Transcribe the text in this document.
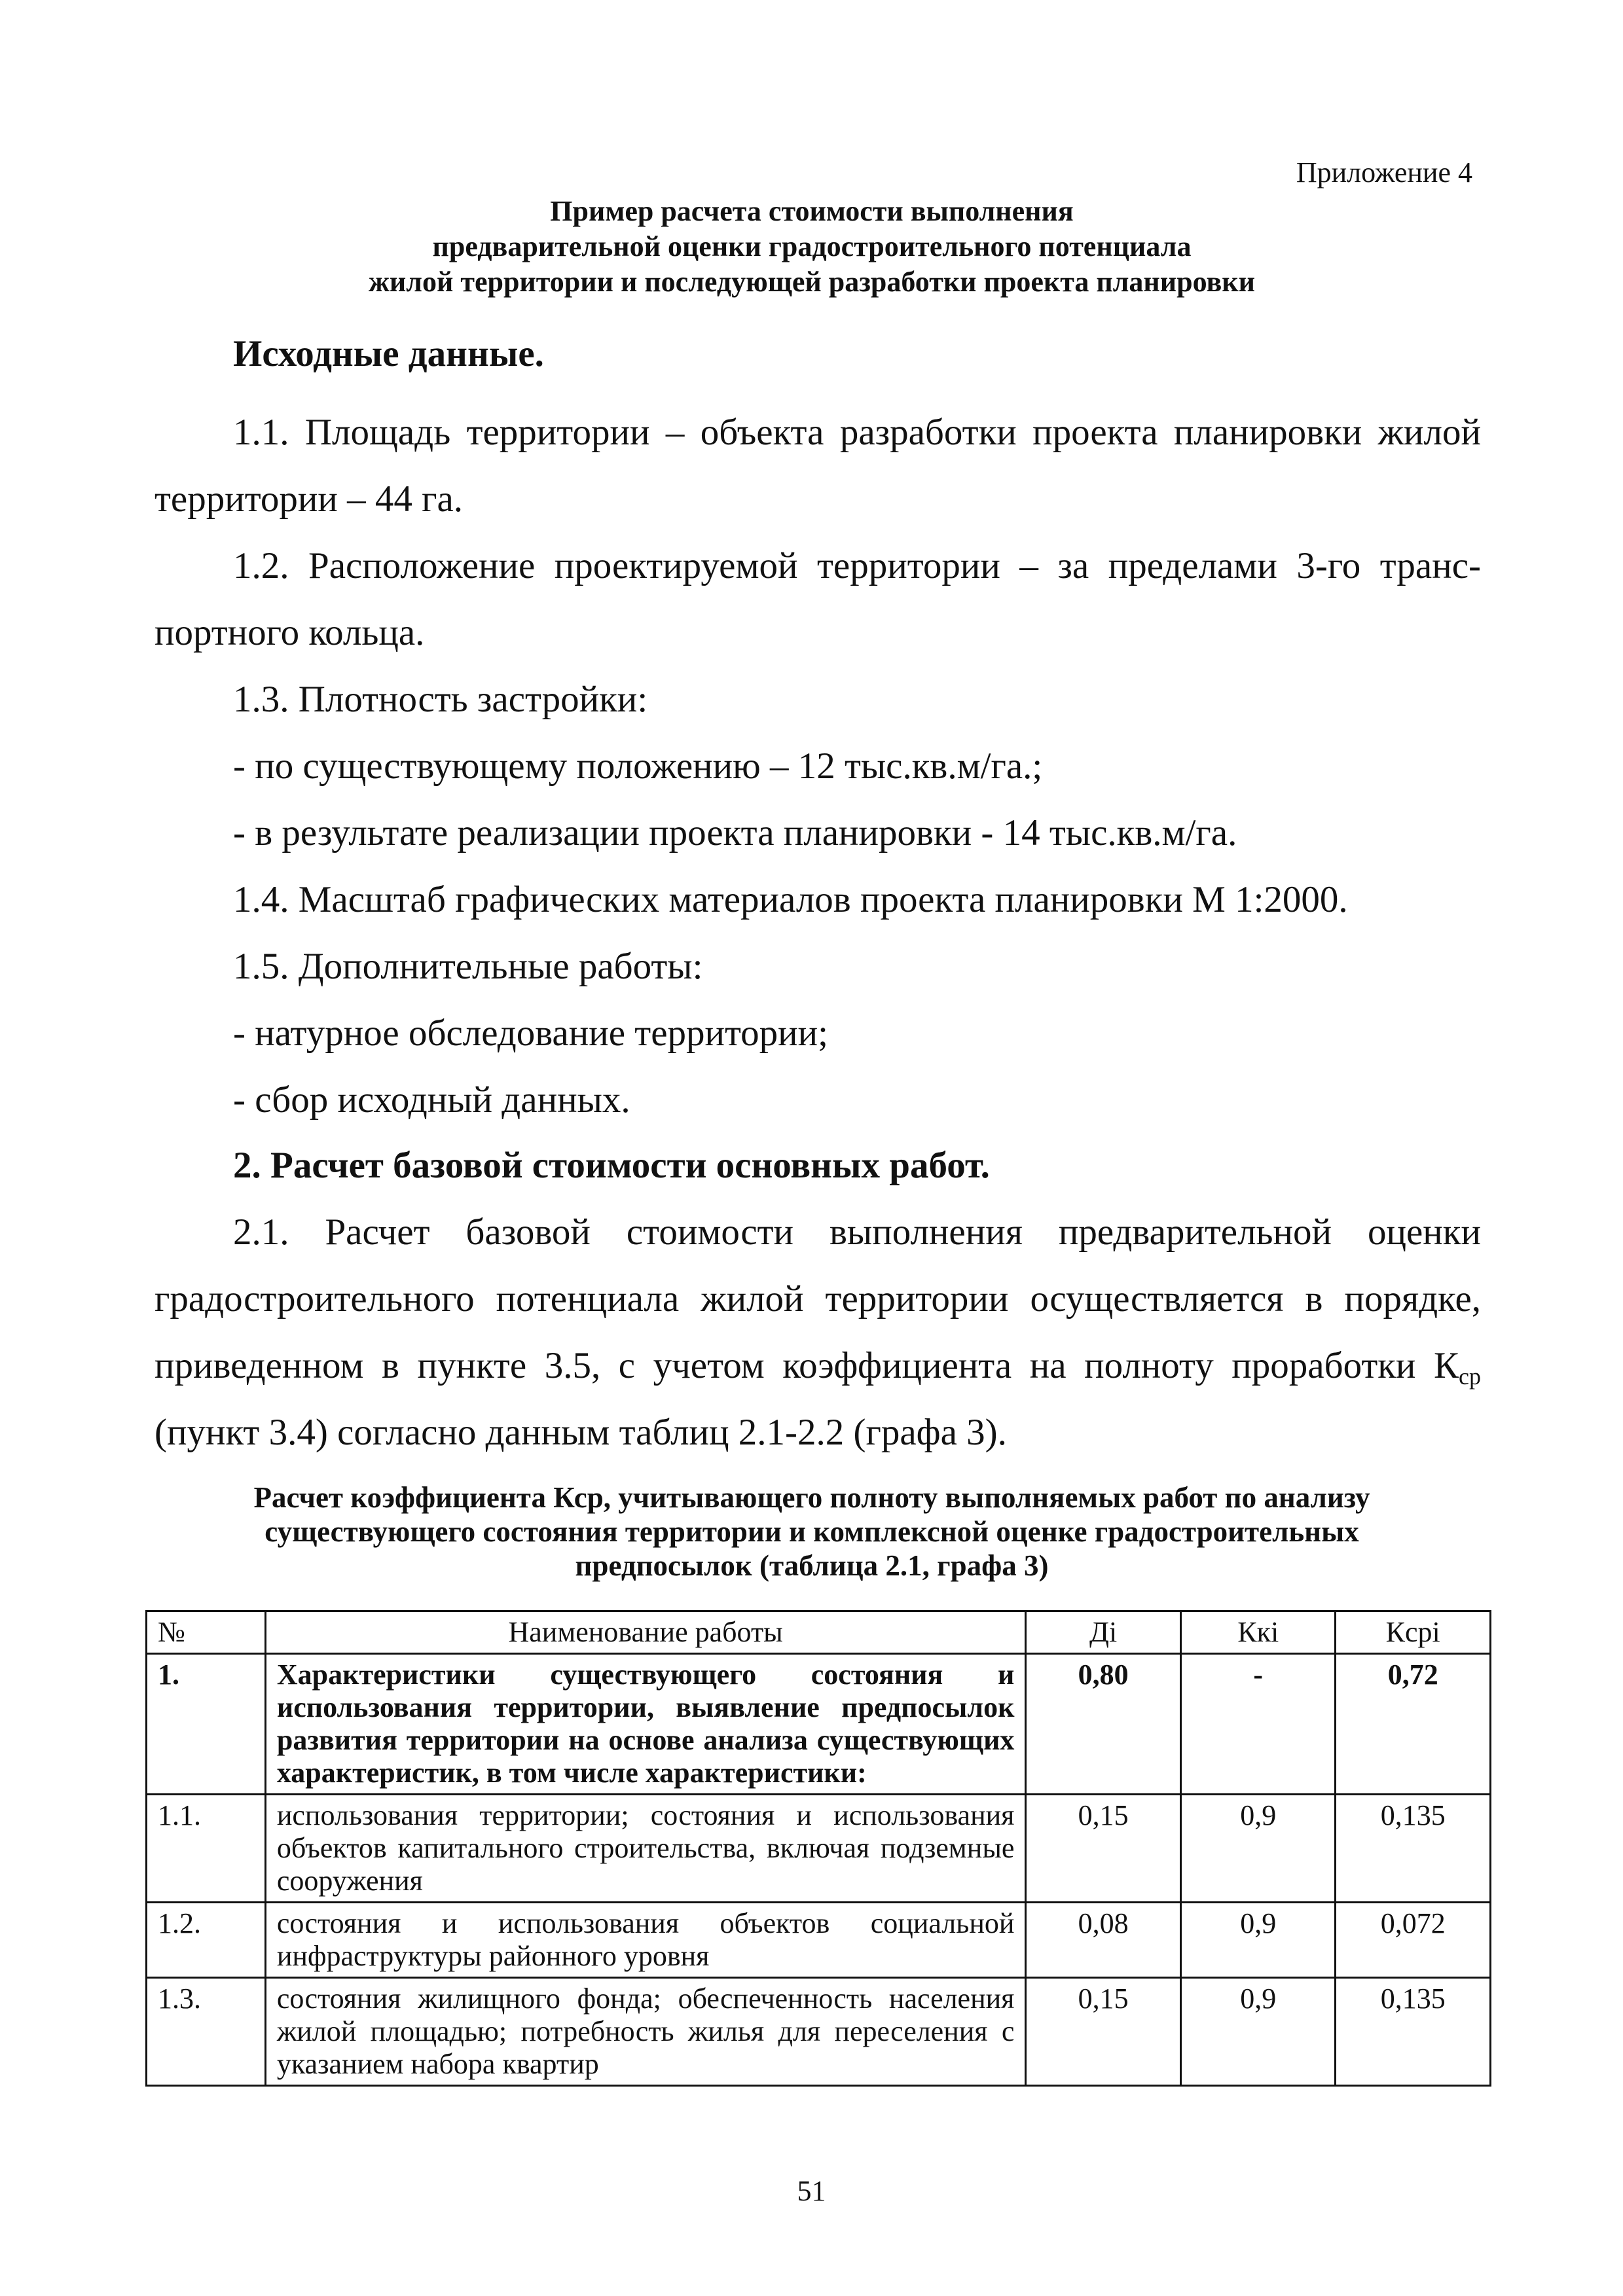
Приложение 4
Пример расчета стоимости выполнения
предварительной оценки градостроительного потенциала
жилой территории и последующей разработки проекта планировки
Исходные данные.

1.1. Площадь территории – объекта разработки проекта планировки жилой

территории – 44 га.

1.2. Расположение проектируемой территории – за пределами 3-го транс-

портного кольца.

1.3. Плотность застройки:

- по существующему положению – 12 тыс.кв.м/га.;

- в результате реализации проекта планировки - 14 тыс.кв.м/га.

1.4. Масштаб графических материалов проекта планировки М 1:2000.

1.5. Дополнительные работы:

- натурное обследование территории;

- сбор исходный данных.

2. Расчет базовой стоимости основных работ.

2.1. Расчет базовой стоимости выполнения предварительной оценки

градостроительного потенциала жилой территории осуществляется в порядке,

приведенном в пункте 3.5, с учетом коэффициента на полноту проработки $К_{ср}$

(пункт 3.4) согласно данным таблиц 2.1-2.2 (графа 3).

Расчет коэффициента Кср, учитывающего полноту выполняемых работ по анализу
существующего состояния территории и комплексной оценке градостроительных
предпосылок (таблица 2.1, графа 3)
№	Наименование работы	Дi	Ккi	Кcрi
1.	Характеристики существующего состояния и использования территории, выявление предпосылок развития территории на основе анализа существующих характеристик, в том числе характеристики:	0,80	-	0,72
1.1.	использования территории; состояния и использования объектов капитального строительства, включая подземные сооружения	0,15	0,9	0,135
1.2.	состояния и использования объектов социальной инфраструктуры районного уровня	0,08	0,9	0,072
1.3.	состояния жилищного фонда; обеспеченность населения жилой площадью; потребность жилья для переселения с указанием набора квартир	0,15	0,9	0,135
51
